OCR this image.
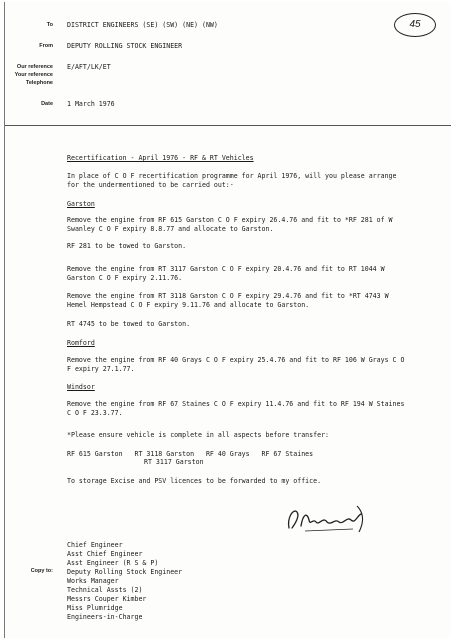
45
To DISTRICT ENGINEERS (SE) (SW) (NE) (NW)
From DEPUTY ROLLING STOCK ENGINEER
Our reference E/AFT/LK/ET
Your reference
Telephone
Date 1 March 1976
Recertification - April 1976 - RF & RT Vehicles
In place of C O F recertification programme for April 1976, will you please arrange for the undermentioned to be carried out:-
Garston
Remove the engine from RF 615 Garston C O F expiry 26.4.76 and fit to *RF 281 of W Swanley C O F expiry 8.8.77 and allocate to Garston.
RF 281 to be towed to Garston.
Remove the engine from RT 3117 Garston C O F expiry 20.4.76 and fit to RT 1044 W Garston C O F expiry 2.11.76.
Remove the engine from RT 3118 Garston C O F expiry 29.4.76 and fit to *RT 4743 W Hemel Hempstead C O F expiry 9.11.76 and allocate to Garston.
RT 4745 to be towed to Garston.
Romford
Remove the engine from RF 40 Grays C O F expiry 25.4.76 and fit to RF 106 W Grays C O F expiry 27.1.77.
Windsor
Remove the engine from RF 67 Staines C O F expiry 11.4.76 and fit to RF 194 W Staines C O F 23.3.77.
*Please ensure vehicle is complete in all aspects before transfer:
RF 615 Garston   RT 3118 Garston   RF 40 Grays   RF 67 Staines
RT 3117 Garston
To storage Excise and PSV licences to be forwarded to my office.
Copy to:
Chief Engineer
Asst Chief Engineer
Asst Engineer (R S & P)
Deputy Rolling Stock Engineer
Works Manager
Technical Assts (2)
Messrs Couper Kimber
Miss Plumridge
Engineers-in-Charge
